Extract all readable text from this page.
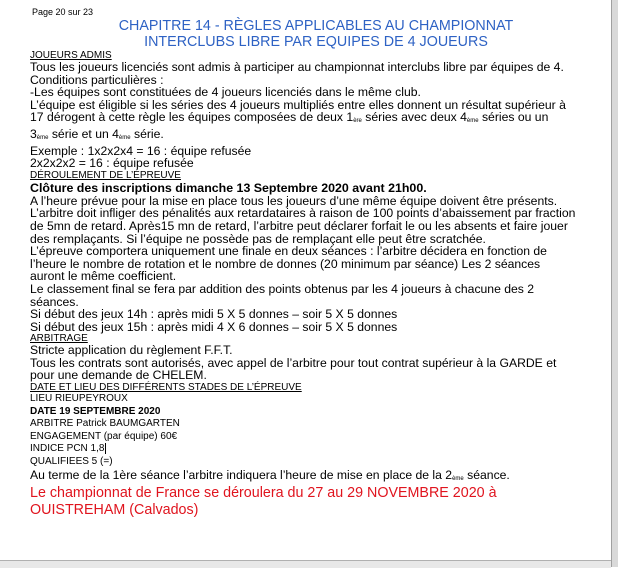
Page 20 sur 23
CHAPITRE 14 - RÈGLES APPLICABLES AU CHAMPIONNAT
INTERCLUBS LIBRE PAR EQUIPES DE 4 JOUEURS
JOUEURS ADMIS
Tous les joueurs licenciés sont admis à participer au championnat interclubs libre par équipes de 4.
Conditions particulières :
-Les équipes sont constituées de 4 joueurs licenciés dans le même club.
L’équipe est éligible si les séries des 4 joueurs multipliés entre elles donnent un résultat supérieur à
17 dérogent à cette règle les équipes composées de deux $1_{ère}$ séries avec deux $4_{ème}$ séries ou un
$3_{ème}$ série et un $4_{ème}$ série.
Exemple : 1x2x2x4 = 16 : équipe refusée
2x2x2x2 = 16 : équipe refusée
DÉROULEMENT DE L’ÉPREUVE
Clôture des inscriptions dimanche 13 Septembre 2020 avant 21h00.
A l’heure prévue pour la mise en place tous les joueurs d’une même équipe doivent être présents.
L’arbitre doit infliger des pénalités aux retardataires à raison de 100 points d’abaissement par fraction
de 5mn de retard. Après15 mn de retard, l’arbitre peut déclarer forfait le ou les absents et faire jouer
des remplaçants. Si l’équipe ne possède pas de remplaçant elle peut être scratchée.
L’épreuve comportera uniquement une finale en deux séances : l’arbitre décidera en fonction de
l’heure le nombre de rotation et le nombre de donnes (20 minimum par séance) Les 2 séances
auront le même coefficient.
Le classement final se fera par addition des points obtenus par les 4 joueurs à chacune des 2
séances.
Si début des jeux 14h : après midi 5 X 5 donnes – soir 5 X 5 donnes
Si début des jeux 15h : après midi 4 X 6 donnes – soir 5 X 5 donnes
ARBITRAGE
Stricte application du règlement F.F.T.
Tous les contrats sont autorisés, avec appel de l’arbitre pour tout contrat supérieur à la GARDE et
pour une demande de CHELEM.
DATE ET LIEU DES DIFFÉRENTS STADES DE L’ÉPREUVE
LIEU RIEUPEYROUX
DATE 19 SEPTEMBRE 2020
ARBITRE Patrick BAUMGARTEN
ENGAGEMENT (par équipe) 60€
INDICE PCN 1,8
QUALIFIEES 5 (=)
Au terme de la 1ère séance l’arbitre indiquera l’heure de mise en place de la $2_{ème}$ séance.
Le championnat de France se déroulera du 27 au 29 NOVEMBRE 2020 à
OUISTREHAM (Calvados)
